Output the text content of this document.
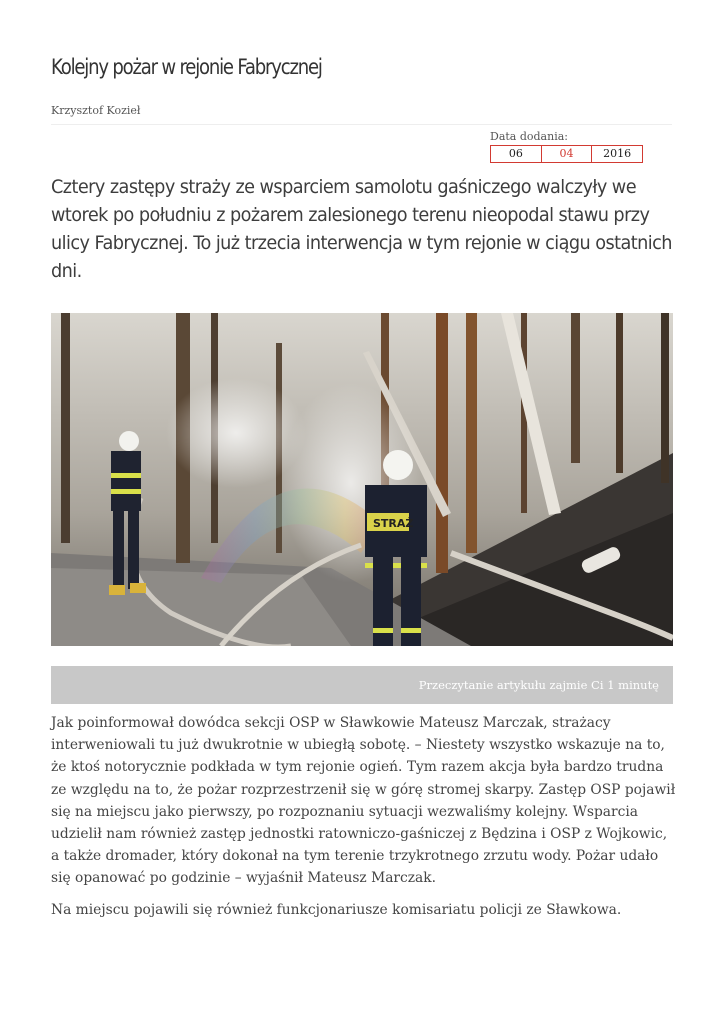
Kolejny pożar w rejonie Fabrycznej
Krzysztof Kozieł
Data dodania:
06	04	2016

Cztery zastępy straży ze wsparciem samolotu gaśniczego walczyły we wtorek po południu z pożarem zalesionego terenu nieopodal stawu przy ulicy Fabrycznej. To już trzecia interwencja w tym rejonie w ciągu ostatnich dni.

STRAŻ
Przeczytanie artykułu zajmie Ci 1 minutę

Jak poinformował dowódca sekcji OSP w Sławkowie Mateusz Marczak, strażacy interweniowali tu już dwukrotnie w ubiegłą sobotę. – Niestety wszystko wskazuje na to, że ktoś notorycznie podkłada w tym rejonie ogień. Tym razem akcja była bardzo trudna ze względu na to, że pożar rozprzestrzenił się w górę stromej skarpy. Zastęp OSP pojawił się na miejscu jako pierwszy, po rozpoznaniu sytuacji wezwaliśmy kolejny. Wsparcia udzielił nam również zastęp jednostki ratowniczo-gaśniczej z Będzina i OSP z Wojkowic, a także dromader, który dokonał na tym terenie trzykrotnego zrzutu wody. Pożar udało się opanować po godzinie – wyjaśnił Mateusz Marczak.

Na miejscu pojawili się również funkcjonariusze komisariatu policji ze Sławkowa.
